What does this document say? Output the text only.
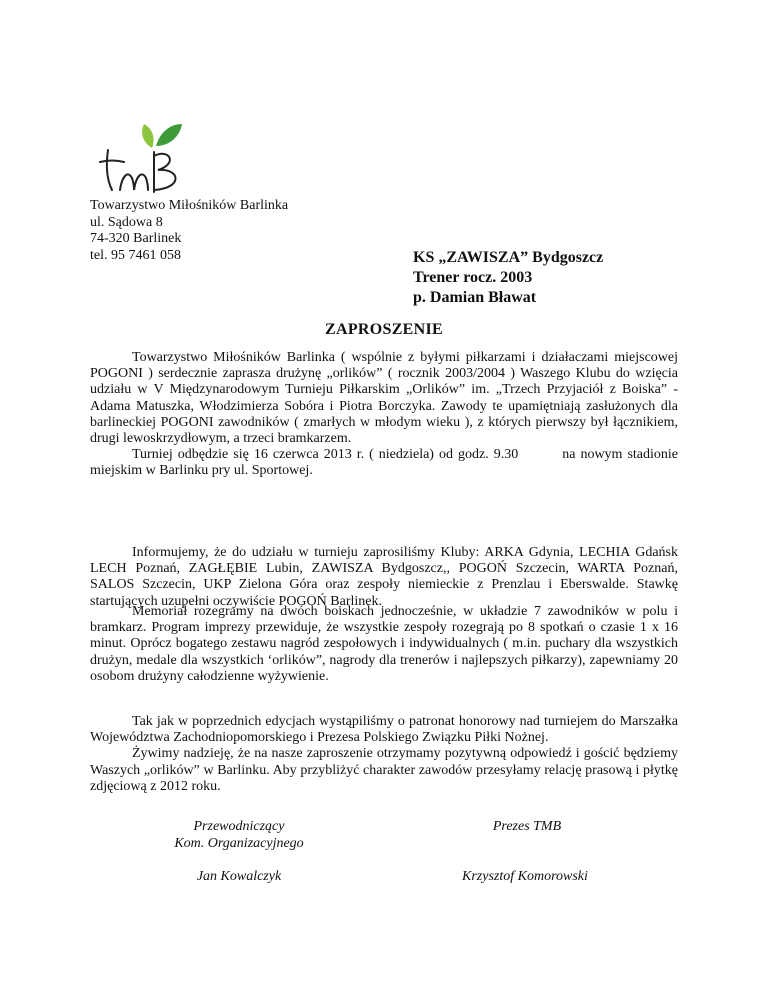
Towarzystwo Miłośników Barlinka
ul. Sądowa 8
74-320 Barlinek
tel. 95 7461 058	KS „ZAWISZA” Bydgoszcz
Trener rocz. 2003
p. Damian Bławat
ZAPROSZENIE

Towarzystwo Miłośników Barlinka ( wspólnie z byłymi piłkarzami i działaczami miejscowej POGONI ) serdecznie zaprasza drużynę „orlików” ( rocznik 2003/2004 ) Waszego Klubu do wzięcia udziału w V Międzynarodowym Turnieju Piłkarskim „Orlików” im. „Trzech Przyjaciół z Boiska” - Adama Matuszka, Włodzimierza Sobóra i Piotra Borczyka. Zawody te upamiętniają zasłużonych dla barlineckiej POGONI zawodników ( zmarłych w młodym wieku ), z których pierwszy był łącznikiem, drugi lewoskrzydłowym, a trzeci bramkarzem.

Turniej odbędzie się 16 czerwca 2013 r. ( niedziela) od godz. 9.30	na nowym stadionie miejskim w Barlinku pry ul. Sportowej.

Informujemy, że do udziału w turnieju zaprosiliśmy Kluby: ARKA Gdynia, LECHIA Gdańsk LECH Poznań, ZAGŁĘBIE Lubin, ZAWISZA Bydgoszcz,, POGOŃ Szczecin, WARTA Poznań, SALOS Szczecin, UKP Zielona Góra oraz zespoły niemieckie z Prenzlau i Eberswalde. Stawkę startujących uzupełni oczywiście POGOŃ Barlinek.

Memoriał rozegramy na dwóch boiskach jednocześnie, w układzie 7 zawodników w polu i bramkarz. Program imprezy przewiduje, że wszystkie zespoły rozegrają po 8 spotkań o czasie 1 x 16 minut. Oprócz bogatego zestawu nagród zespołowych i indywidualnych ( m.in. puchary dla wszystkich drużyn, medale dla wszystkich ‘orlików”, nagrody dla trenerów i najlepszych piłkarzy), zapewniamy 20 osobom drużyny całodzienne wyżywienie.

Tak jak w poprzednich edycjach wystąpiliśmy o patronat honorowy nad turniejem do Marszałka Województwa Zachodniopomorskiego i Prezesa Polskiego Związku Piłki Nożnej.

Żywimy nadzieję, że na nasze zaproszenie otrzymamy pozytywną odpowiedź i gościć będziemy Waszych „orlików” w Barlinku. Aby przybliżyć charakter zawodów przesyłamy relację prasową i płytkę zdjęciową z 2012 roku.

Przewodniczący
Kom. Organizacyjnego
Prezes TMB
Jan Kowalczyk	Krzysztof Komorowski
